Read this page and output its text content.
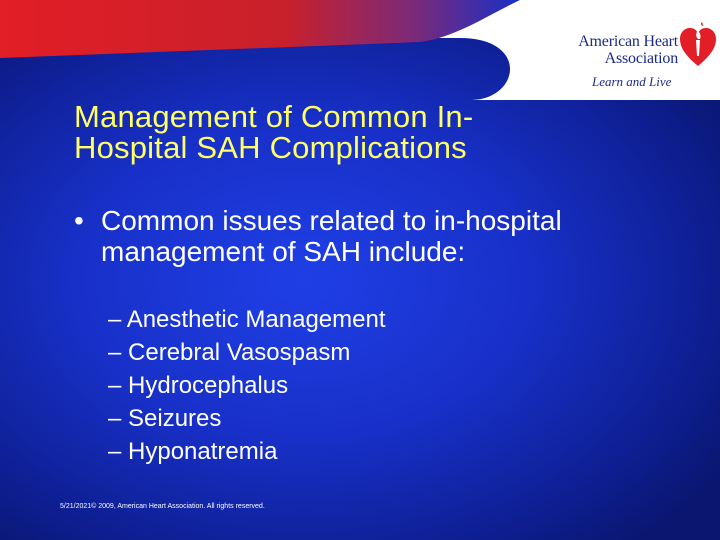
American Heart
Association
Learn and Live
Management of Common In-
Hospital SAH Complications

• Common issues related to in-hospital management of SAH include:

– Anesthetic Management
– Cerebral Vasospasm
– Hydrocephalus
– Seizures
– Hyponatremia
5/21/2021© 2009, American Heart Association. All rights reserved.
